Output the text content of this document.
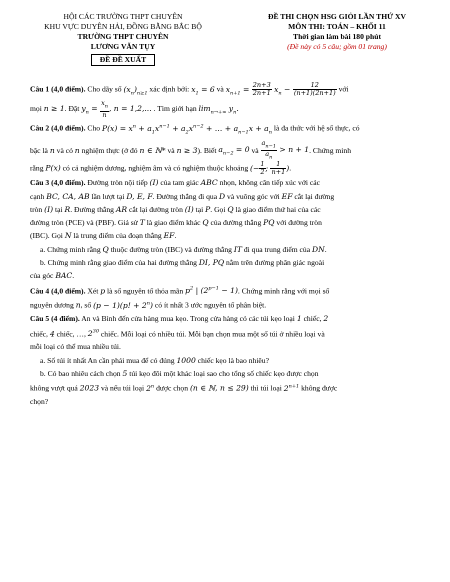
HỘI CÁC TRƯỜNG THPT CHUYÊN
KHU VỰC DUYÊN HẢI, ĐỒNG BẰNG BẮC BỘ
TRƯỜNG THPT CHUYÊN
LƯƠNG VĂN TỤY
ĐỀ ĐỀ XUẤT
ĐỀ THI CHỌN HSG GIỎI LẦN THỨ XV
MÔN THI: TOÁN – KHỐI 11
Thời gian làm bài 180 phút
(Đề này có 5 câu; gồm 01 trang)

Câu 1 (4,0 điểm). Cho dãy số $(x_n)_{n\ge 1}$ xác định bởi: $x_1 = 6$ và $x_{n+1} = \frac{2n+3}{2n+1} x_n - \frac{12}{(n+1)(2n+1)}$ với
mọi n ≥ 1. Đặt $y_n = \frac{x_n}{n}$ , n = 1,2,... . Tìm giới hạn $\lim_{n\to+\infty} y_n$.

Câu 2 (4,0 điểm). Cho $P(x) = x^n + a_1x^{n-1} + a_2x^{n-2}$ + … + $a_{n-1}x + a_n$ là đa thức với hệ số thực, có
bậc là n và có n nghiệm thực (ở đó n ∈ ℕ* và n ≥ 3). Biết $a_{n-2} = 0$ và $\frac{a_{n-1}}{a_n} > n + 1$. Chứng minh
rằng P(x) có cả nghiệm dương, nghiệm âm và có nghiệm thuộc khoảng (− $\frac{1}{2}$ ; $\frac{1}{n+1}$ ).

Câu 3 (4,0 điểm). Đường tròn nội tiếp (I) của tam giác ABC nhọn, không cân tiếp xúc với các
cạnh BC, CA, AB lần lượt tại D, E, F. Đường thẳng đi qua D và vuông góc với EF cắt lại đường
tròn (I) tại R. Đường thẳng AR cắt lại đường tròn (I) tại P. Gọi Q là giao điểm thứ hai của các
đường tròn (PCE) và (PBF). Giả sử T là giao điểm khác Q của đường thẳng PQ với đường tròn
(IBC). Gọi N là trung điểm của đoạn thẳng EF.

a. Chứng minh rằng Q thuộc đường tròn (IBC) và đường thẳng IT đi qua trung điểm của DN.

b. Chứng minh rằng giao điểm của hai đường thẳng DI, PQ nằm trên đường phân giác ngoài
của góc BAC.

Câu 4 (4,0 điểm). Xét p là số nguyên tố thỏa mãn $p^2$ | $(2^{p-1} - 1)$. Chứng minh rằng với mọi số
nguyên dương n, số (p − 1)(p! + $2^n$) có ít nhất 3 ước nguyên tố phân biệt.

Câu 5 (4 điểm). An và Bình đến cửa hàng mua kẹo. Trong cửa hàng có các túi kẹo loại 1 chiếc, 2
chiếc, 4 chiếc, …, $2^{30}$ chiếc. Mỗi loại có nhiều túi. Mỗi bạn chọn mua một số túi ở nhiều loại và
mỗi loại có thể mua nhiều túi.

a. Số túi ít nhất An cần phải mua để có đúng 1000 chiếc kẹo là bao nhiêu?

b. Có bao nhiêu cách chọn 5 túi kẹo đôi một khác loại sao cho tổng số chiếc kẹo được chọn
không vượt quá 2023 và nếu túi loại 2$^n$ được chọn (n ∈ ℕ, n ≤ 29) thì túi loại $2^{n+1}$ không được
chọn?
